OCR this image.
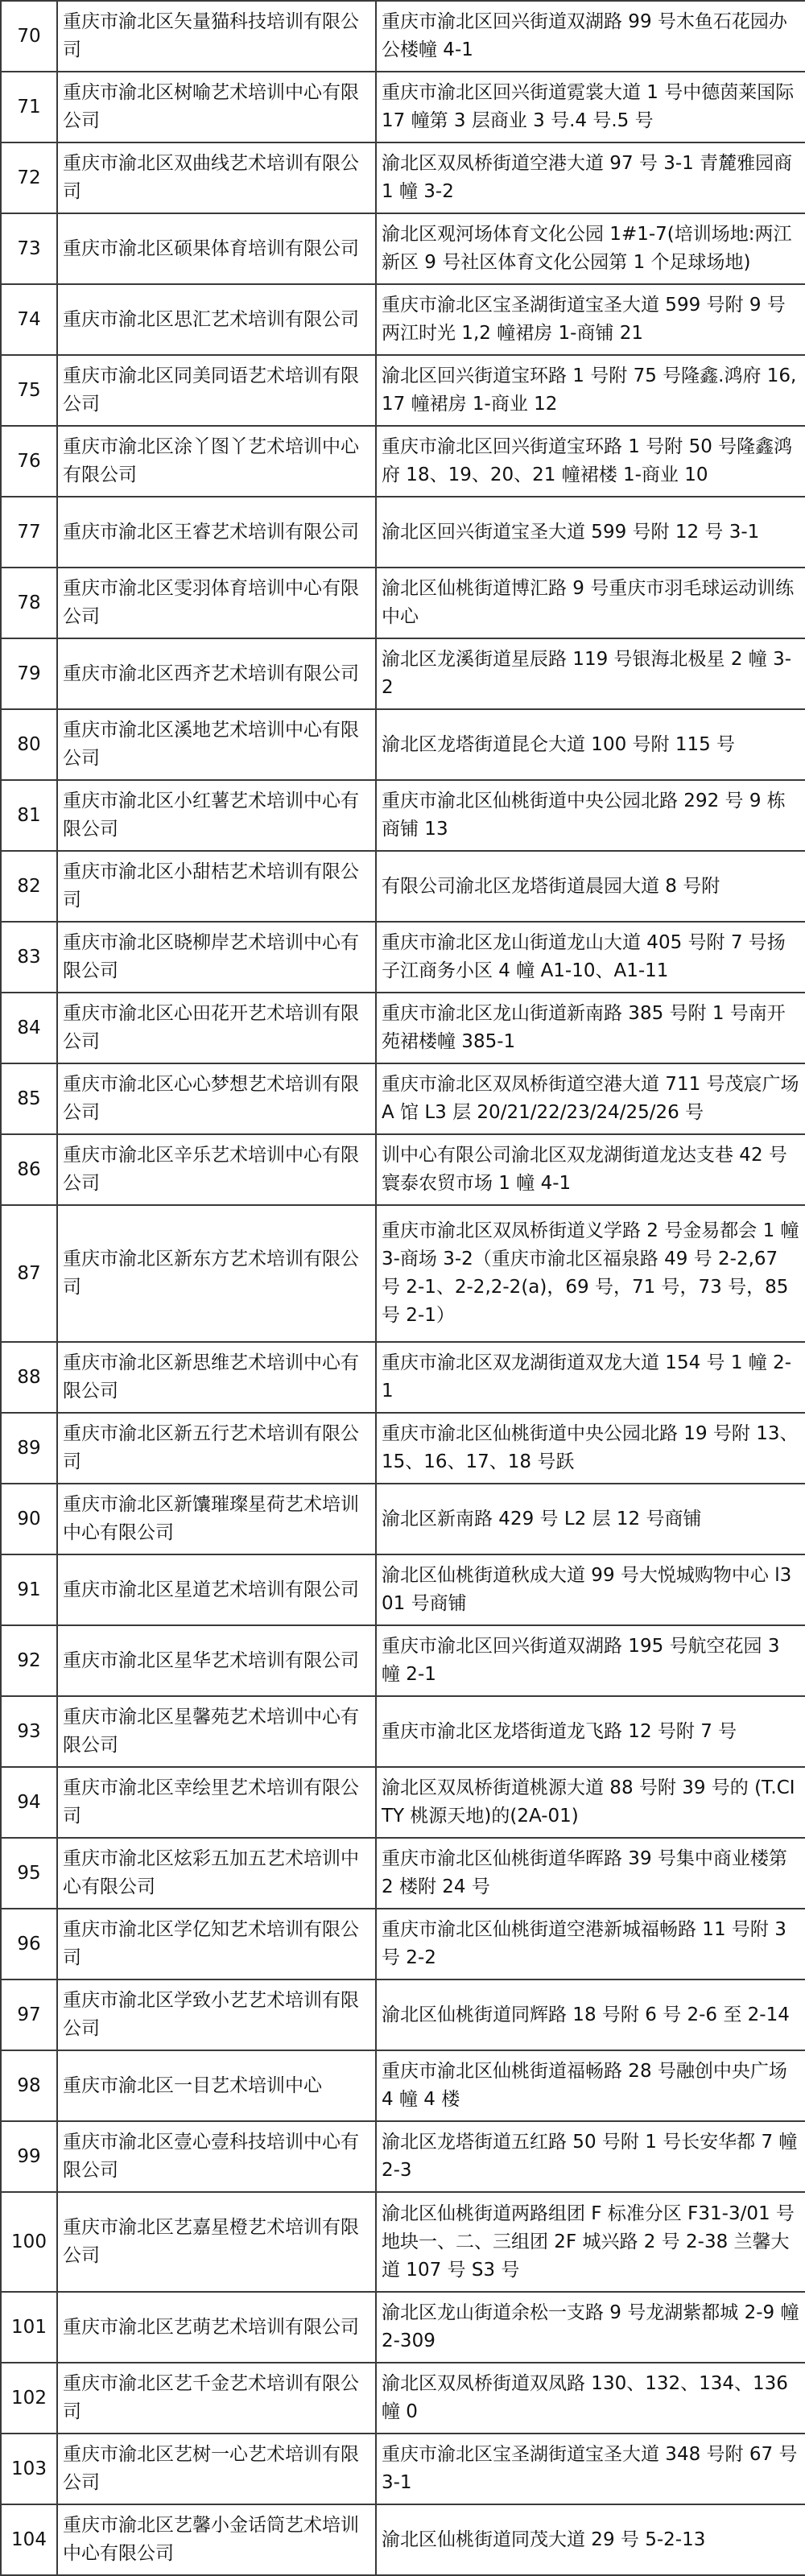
70	重庆市渝北区矢量猫科技培训有限公司	重庆市渝北区回兴街道双湖路 99 号木鱼石花园办公楼幢 4-1
71	重庆市渝北区树喻艺术培训中心有限公司	重庆市渝北区回兴街道霓裳大道 1 号中德茵莱国际 17 幢第 3 层商业 3 号.4 号.5 号
72	重庆市渝北区双曲线艺术培训有限公司	渝北区双凤桥街道空港大道 97 号 3-1 青麓雅园商 1 幢 3-2
73	重庆市渝北区硕果体育培训有限公司	渝北区观河场体育文化公园 1#1-7(培训场地:两江新区 9 号社区体育文化公园第 1 个足球场地)
74	重庆市渝北区思汇艺术培训有限公司	重庆市渝北区宝圣湖街道宝圣大道 599 号附 9 号两江时光 1,2 幢裙房 1-商铺 21
75	重庆市渝北区同美同语艺术培训有限公司	渝北区回兴街道宝环路 1 号附 75 号隆鑫.鸿府 16,17 幢裙房 1-商业 12
76	重庆市渝北区涂丫图丫艺术培训中心有限公司	重庆市渝北区回兴街道宝环路 1 号附 50 号隆鑫鸿府 18、19、20、21 幢裙楼 1-商业 10
77	重庆市渝北区王睿艺术培训有限公司	渝北区回兴街道宝圣大道 599 号附 12 号 3-1
78	重庆市渝北区雯羽体育培训中心有限公司	渝北区仙桃街道博汇路 9 号重庆市羽毛球运动训练中心
79	重庆市渝北区西齐艺术培训有限公司	渝北区龙溪街道星辰路 119 号银海北极星 2 幢 3-2
80	重庆市渝北区溪地艺术培训中心有限公司	渝北区龙塔街道昆仑大道 100 号附 115 号
81	重庆市渝北区小红薯艺术培训中心有限公司	重庆市渝北区仙桃街道中央公园北路 292 号 9 栋商铺 13
82	重庆市渝北区小甜桔艺术培训有限公司	有限公司渝北区龙塔街道晨园大道 8 号附
83	重庆市渝北区晓柳岸艺术培训中心有限公司	重庆市渝北区龙山街道龙山大道 405 号附 7 号扬子江商务小区 4 幢 A1-10、A1-11
84	重庆市渝北区心田花开艺术培训有限公司	重庆市渝北区龙山街道新南路 385 号附 1 号南开苑裙楼幢 385-1
85	重庆市渝北区心心梦想艺术培训有限公司	重庆市渝北区双凤桥街道空港大道 711 号茂宸广场 A 馆 L3 层 20/21/22/23/24/25/26 号
86	重庆市渝北区辛乐艺术培训中心有限公司	训中心有限公司渝北区双龙湖街道龙达支巷 42 号寰泰农贸市场 1 幢 4-1
87	重庆市渝北区新东方艺术培训有限公司	重庆市渝北区双凤桥街道义学路 2 号金易都会 1 幢 3-商场 3-2（重庆市渝北区福泉路 49 号 2-2,67 号 2-1、2-2,2-2(a)，69 号，71 号，73 号，85 号 2-1）
88	重庆市渝北区新思维艺术培训中心有限公司	重庆市渝北区双龙湖街道双龙大道 154 号 1 幢 2-1
89	重庆市渝北区新五行艺术培训有限公司	重庆市渝北区仙桃街道中央公园北路 19 号附 13、15、16、17、18 号跃
90	重庆市渝北区新馕璀璨星荷艺术培训中心有限公司	渝北区新南路 429 号 L2 层 12 号商铺
91	重庆市渝北区星道艺术培训有限公司	渝北区仙桃街道秋成大道 99 号大悦城购物中心 l301 号商铺
92	重庆市渝北区星华艺术培训有限公司	重庆市渝北区回兴街道双湖路 195 号航空花园 3 幢 2-1
93	重庆市渝北区星馨苑艺术培训中心有限公司	重庆市渝北区龙塔街道龙飞路 12 号附 7 号
94	重庆市渝北区幸绘里艺术培训有限公司	渝北区双凤桥街道桃源大道 88 号附 39 号的 (T.CITY 桃源天地)的(2A-01)
95	重庆市渝北区炫彩五加五艺术培训中心有限公司	重庆市渝北区仙桃街道华晖路 39 号集中商业楼第 2 楼附 24 号
96	重庆市渝北区学亿知艺术培训有限公司	重庆市渝北区仙桃街道空港新城福畅路 11 号附 3 号 2-2
97	重庆市渝北区学致小艺艺术培训有限公司	渝北区仙桃街道同辉路 18 号附 6 号 2-6 至 2-14
98	重庆市渝北区一目艺术培训中心	重庆市渝北区仙桃街道福畅路 28 号融创中央广场 4 幢 4 楼
99	重庆市渝北区壹心壹科技培训中心有限公司	渝北区龙塔街道五红路 50 号附 1 号长安华都 7 幢 2-3
100	重庆市渝北区艺嘉星橙艺术培训有限公司	渝北区仙桃街道两路组团 F 标准分区 F31-3/01 号地块一、二、三组团 2F 城兴路 2 号 2-38 兰馨大道 107 号 S3 号
101	重庆市渝北区艺萌艺术培训有限公司	渝北区龙山街道余松一支路 9 号龙湖紫都城 2-9 幢 2-309
102	重庆市渝北区艺千金艺术培训有限公司	渝北区双凤桥街道双凤路 130、132、134、136 幢 0
103	重庆市渝北区艺树一心艺术培训有限公司	重庆市渝北区宝圣湖街道宝圣大道 348 号附 67 号 3-1
104	重庆市渝北区艺馨小金话筒艺术培训中心有限公司	渝北区仙桃街道同茂大道 29 号 5-2-13
